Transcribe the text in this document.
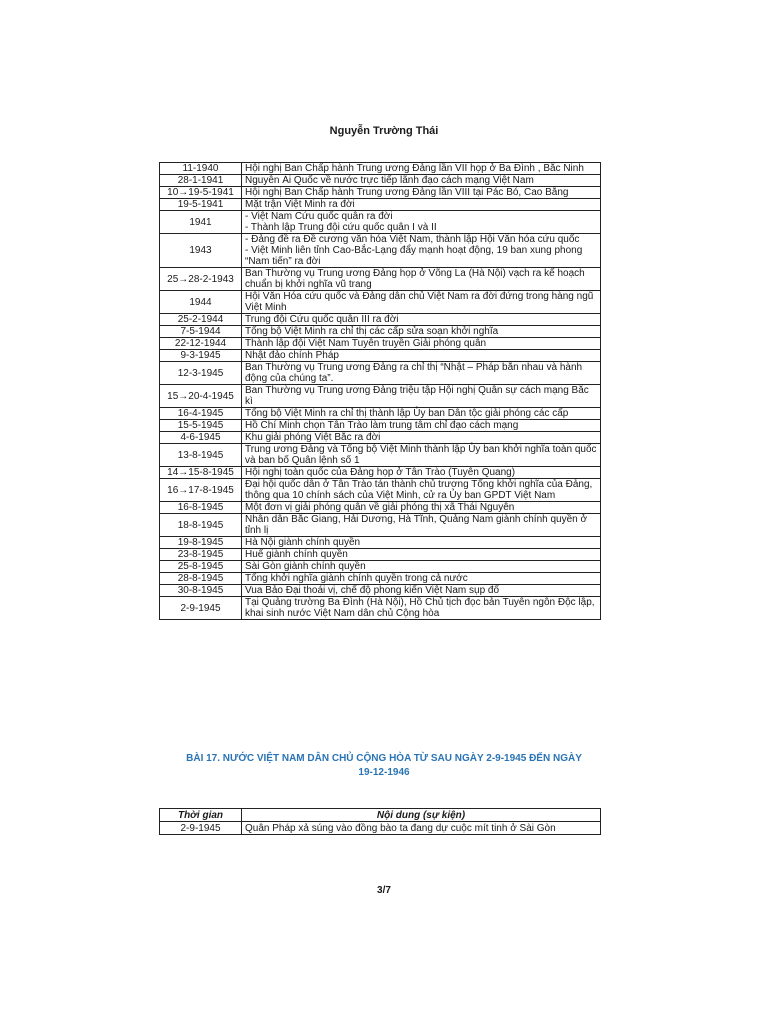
Nguyễn Trường Thái
11-1940	Hội nghị Ban Chấp hành Trung ương Đảng lần VII họp ở Ba Đình , Bắc Ninh

28-1-1941	Nguyễn Ái Quốc về nước trực tiếp lãnh đạo cách mạng Việt Nam

10→19-5-1941	Hội nghị Ban Chấp hành Trung ương Đảng lần VIII tại Pác Bó, Cao Bằng

19-5-1941	Mặt trận Việt Minh ra đời

1941	- Việt Nam Cứu quốc quân ra đời

- Thành lập Trung đội cứu quốc quân I và II

1943	- Đảng đề ra Đề cương văn hóa Việt Nam, thành lập Hội Văn hóa cứu quốc

- Việt Minh liên tỉnh Cao-Bắc-Lạng đẩy mạnh hoạt động, 19 ban xung phong “Nam tiến” ra đời

25→28-2-1943	Ban Thường vụ Trung ương Đảng họp ở Võng La (Hà Nội) vạch ra kế hoạch chuẩn bị khởi nghĩa vũ trang

1944	Hội Văn Hóa cứu quốc và Đảng dân chủ Việt Nam ra đời đứng trong hàng ngũ Việt Minh

25-2-1944	Trung đội Cứu quốc quân III ra đời

7-5-1944	Tổng bộ Việt Minh ra chỉ thị các cấp sửa soạn khởi nghĩa

22-12-1944	Thành lập đội Việt Nam Tuyên truyền Giải phóng quân

9-3-1945	Nhật đảo chính Pháp

12-3-1945	Ban Thường vụ Trung ương Đảng ra chỉ thị “Nhật – Pháp bắn nhau và hành động của chúng ta”.

15→20-4-1945	Ban Thường vụ Trung ương Đảng triệu tập Hội nghị Quân sự cách mạng Bắc kì

16-4-1945	Tổng bộ Việt Minh ra chỉ thị thành lập Ủy ban Dân tộc giải phóng các cấp

15-5-1945	Hồ Chí Minh chọn Tân Trào làm trung tâm chỉ đạo cách mạng

4-6-1945	Khu giải phóng Việt Bắc ra đời

13-8-1945	Trung ương Đảng và Tổng bộ Việt Minh thành lập Ủy ban khởi nghĩa toàn quốc và ban bố Quân lệnh số 1

14→15-8-1945	Hội nghị toàn quốc của Đảng họp ở Tân Trào (Tuyên Quang)

16→17-8-1945	Đại hội quốc dân ở Tân Trào tán thành chủ trương Tổng khởi nghĩa của Đảng, thông qua 10 chính sách của Việt Minh, cử ra Ủy ban GPDT Việt Nam

16-8-1945	Một đơn vị giải phóng quân về giải phóng thị xã Thái Nguyên

18-8-1945	Nhân dân Bắc Giang, Hải Dương, Hà Tĩnh, Quảng Nam giành chính quyền ở tỉnh lị

19-8-1945	Hà Nội giành chính quyền

23-8-1945	Huế giành chính quyền

25-8-1945	Sài Gòn giành chính quyền

28-8-1945	Tổng khởi nghĩa giành chính quyền trong cả nước

30-8-1945	Vua Bảo Đại thoái vị, chế độ phong kiến Việt Nam sụp đổ

2-9-1945	Tại Quảng trường Ba Đình (Hà Nội), Hồ Chủ tịch đọc bản Tuyên ngôn Độc lập, khai sinh nước Việt Nam dân chủ Cộng hòa

BÀI 17. NƯỚC VIỆT NAM DÂN CHỦ CỘNG HÒA TỪ SAU NGÀY 2-9-1945 ĐẾN NGÀY
19-12-1946
Thời gian	Nội dung (sự kiện)
2-9-1945	Quân Pháp xả súng vào đồng bào ta đang dự cuộc mít tinh ở Sài Gòn
3/7
